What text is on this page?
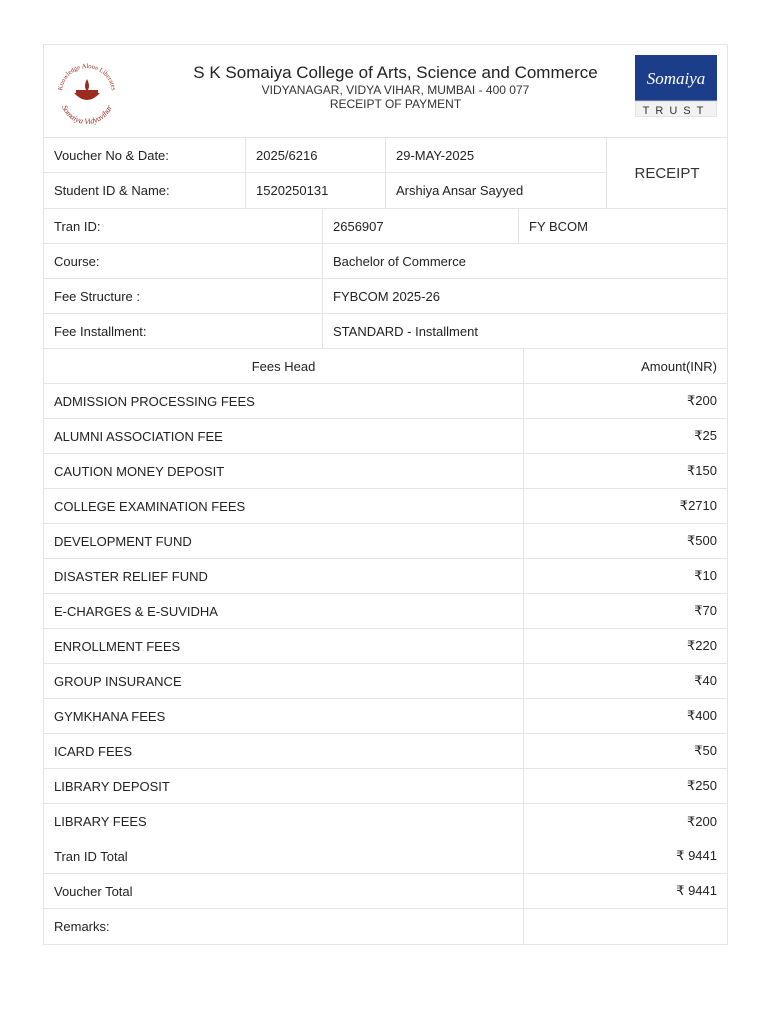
Knowledge Alone Liberates
Somaiya Vidyavihar
S K Somaiya College of Arts, Science and Commerce
VIDYANAGAR, VIDYA VIHAR, MUMBAI - 400 077
RECEIPT OF PAYMENT
Somaiya
TRUST
Voucher No & Date:	2025/6216	29-MAY-2025
Student ID & Name:	1520250131	Arshiya Ansar Sayyed
RECEIPT
Tran ID:	2656907	FY BCOM
Course:	Bachelor of Commerce
Fee Structure :	FYBCOM 2025-26
Fee Installment:	STANDARD - Installment
Fees Head	Amount(INR)
ADMISSION PROCESSING FEES	₹200
ALUMNI ASSOCIATION FEE	₹25
CAUTION MONEY DEPOSIT	₹150
COLLEGE EXAMINATION FEES	₹2710
DEVELOPMENT FUND	₹500
DISASTER RELIEF FUND	₹10
E-CHARGES & E-SUVIDHA	₹70
ENROLLMENT FEES	₹220
GROUP INSURANCE	₹40
GYMKHANA FEES	₹400
ICARD FEES	₹50
LIBRARY DEPOSIT	₹250
LIBRARY FEES	₹200
Tran ID Total	₹ 9441
Voucher Total	₹ 9441
Remarks:
